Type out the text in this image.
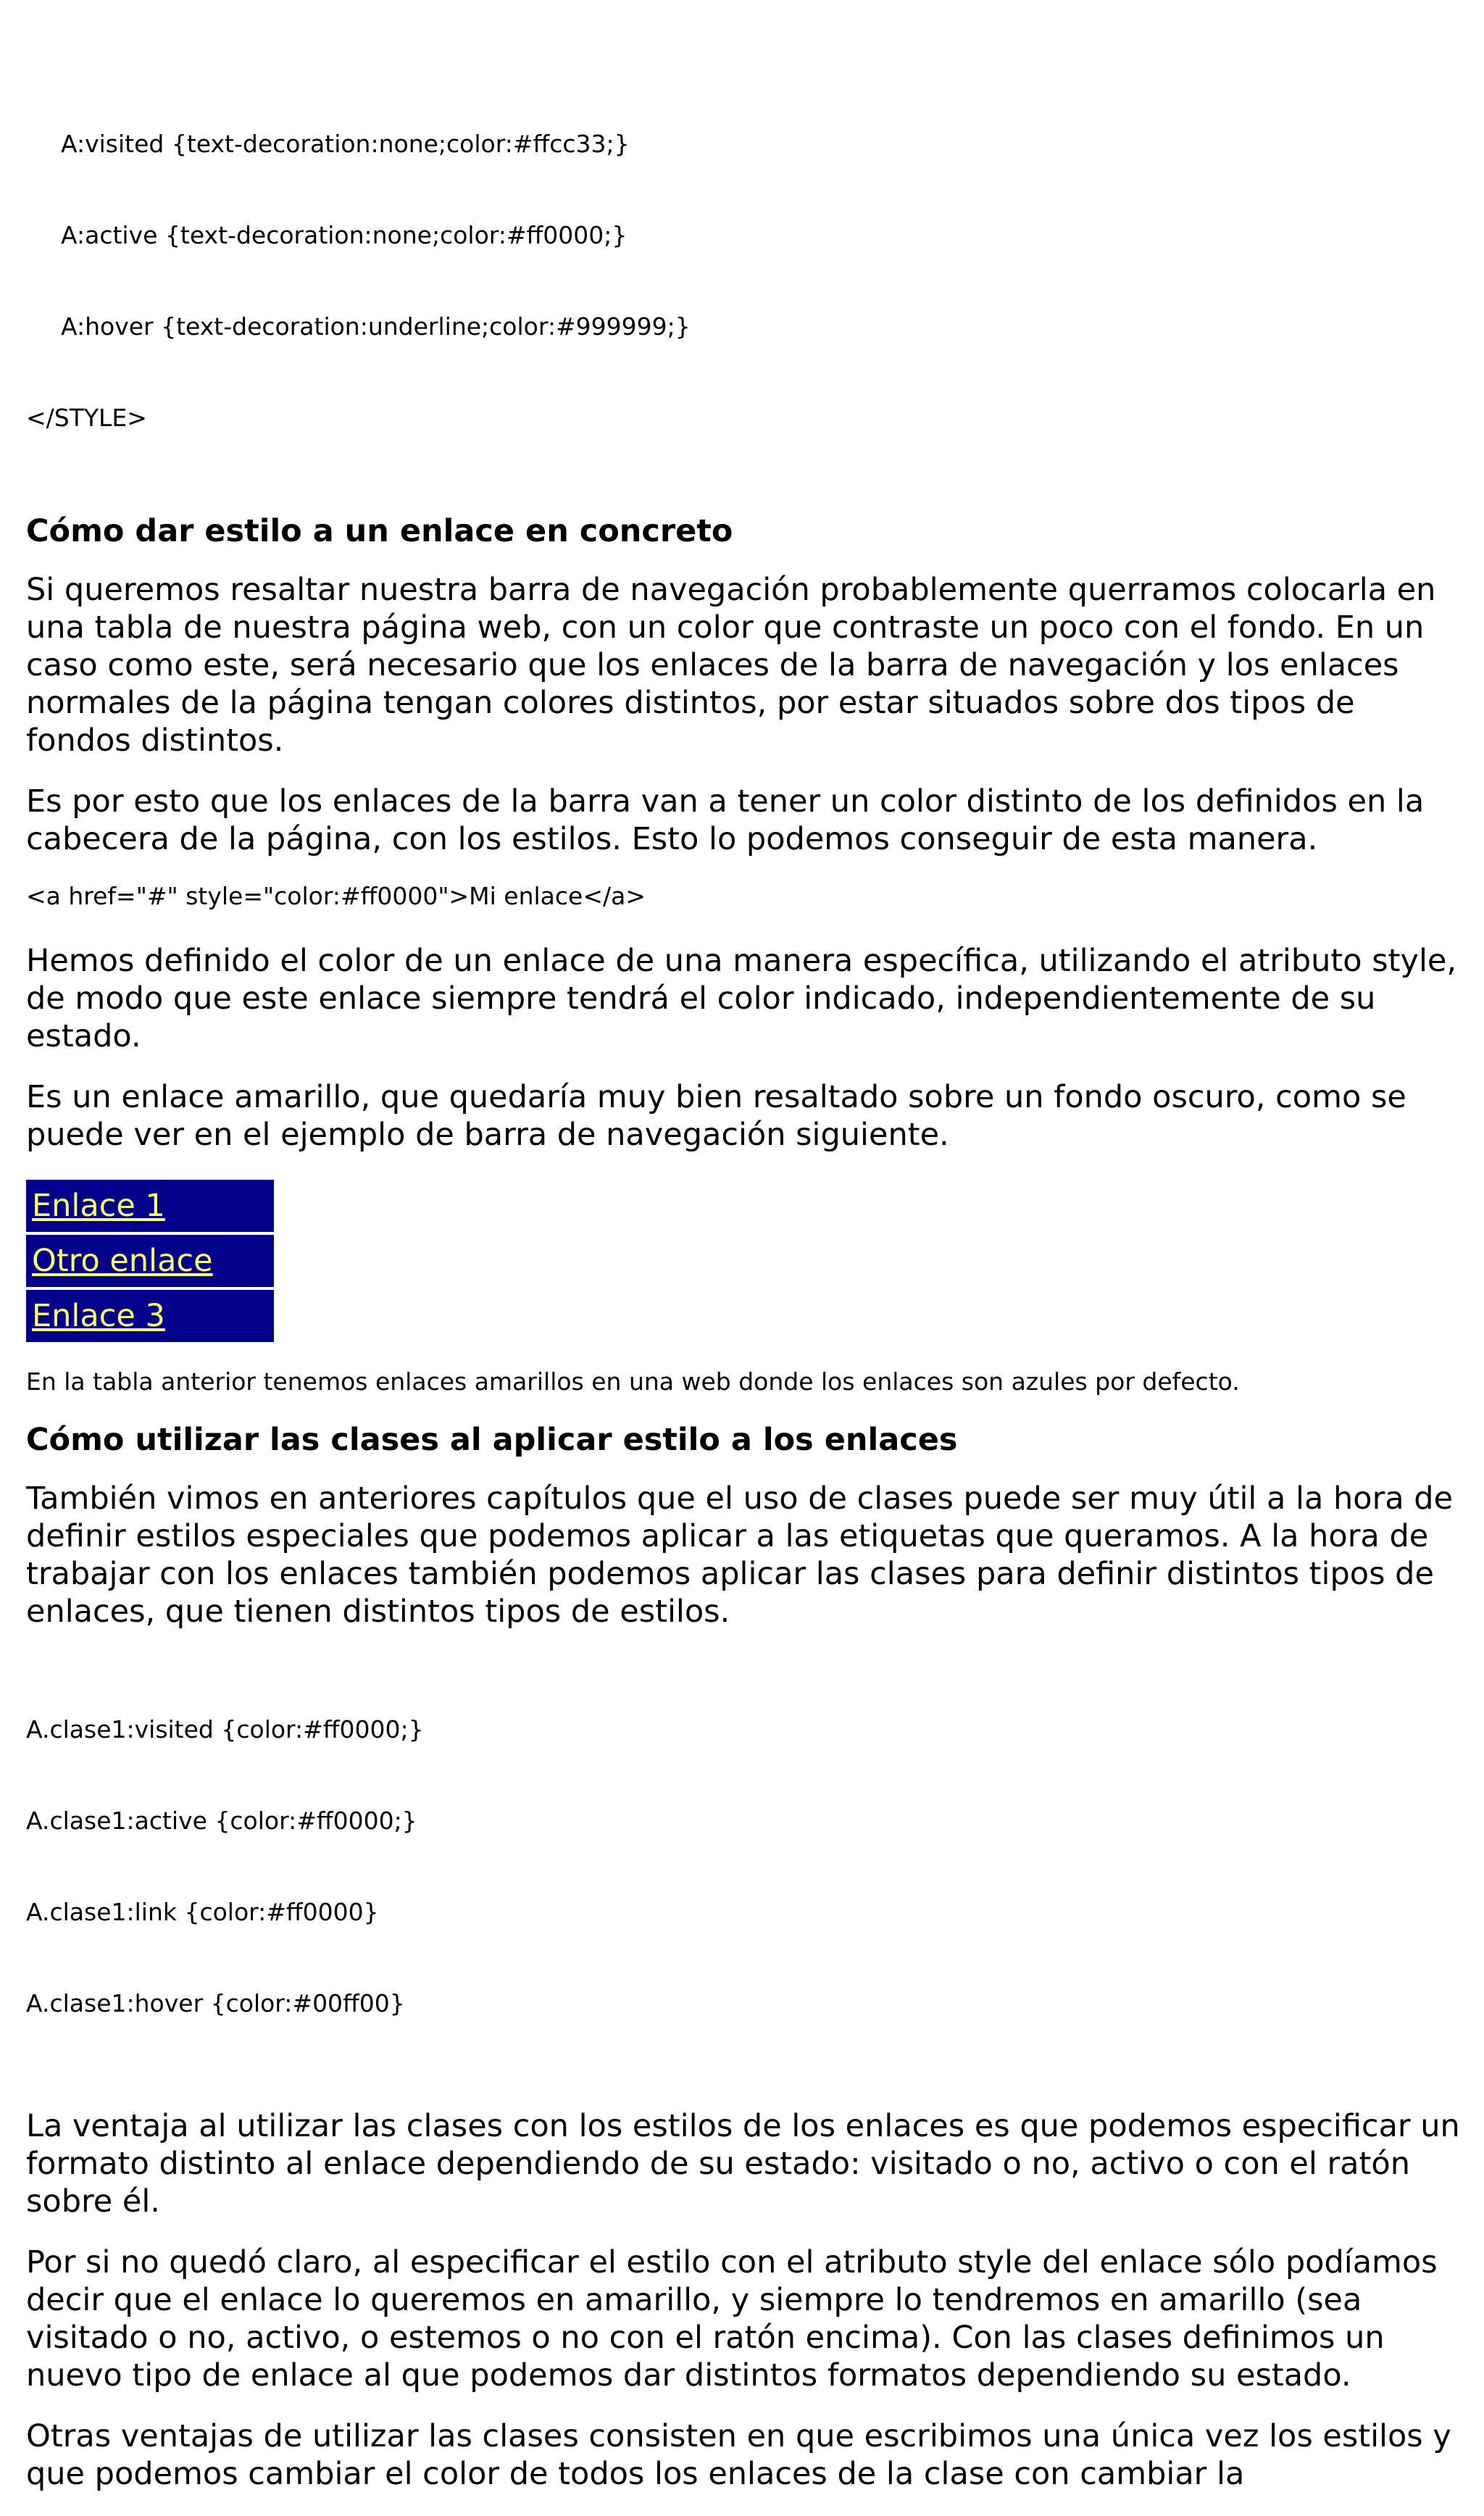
A:visited {text-decoration:none;color:#ffcc33;}

A:active {text-decoration:none;color:#ff0000;}

A:hover {text-decoration:underline;color:#999999;}

</STYLE>

Cómo dar estilo a un enlace en concreto

Si queremos resaltar nuestra barra de navegación probablemente querramos colocarla en una tabla de nuestra página web, con un color que contraste un poco con el fondo. En un caso como este, será necesario que los enlaces de la barra de navegación y los enlaces normales de la página tengan colores distintos, por estar situados sobre dos tipos de fondos distintos.

Es por esto que los enlaces de la barra van a tener un color distinto de los definidos en la cabecera de la página, con los estilos. Esto lo podemos conseguir de esta manera.

<a href="#" style="color:#ff0000">Mi enlace</a>

Hemos definido el color de un enlace de una manera específica, utilizando el atributo style, de modo que este enlace siempre tendrá el color indicado, independientemente de su estado.

Es un enlace amarillo, que quedaría muy bien resaltado sobre un fondo oscuro, como se puede ver en el ejemplo de barra de navegación siguiente.

Enlace 1
Otro enlace
Enlace 3
En la tabla anterior tenemos enlaces amarillos en una web donde los enlaces son azules por defecto.
Cómo utilizar las clases al aplicar estilo a los enlaces

También vimos en anteriores capítulos que el uso de clases puede ser muy útil a la hora de definir estilos especiales que podemos aplicar a las etiquetas que queramos. A la hora de trabajar con los enlaces también podemos aplicar las clases para definir distintos tipos de enlaces, que tienen distintos tipos de estilos.

A.clase1:visited {color:#ff0000;}

A.clase1:active {color:#ff0000;}

A.clase1:link {color:#ff0000}

A.clase1:hover {color:#00ff00}

La ventaja al utilizar las clases con los estilos de los enlaces es que podemos especificar un formato distinto al enlace dependiendo de su estado: visitado o no, activo o con el ratón sobre él.

Por si no quedó claro, al especificar el estilo con el atributo style del enlace sólo podíamos decir que el enlace lo queremos en amarillo, y siempre lo tendremos en amarillo (sea visitado o no, activo, o estemos o no con el ratón encima). Con las clases definimos un nuevo tipo de enlace al que podemos dar distintos formatos dependiendo su estado.

Otras ventajas de utilizar las clases consisten en que escribimos una única vez los estilos y que podemos cambiar el color de todos los enlaces de la clase con cambiar la
